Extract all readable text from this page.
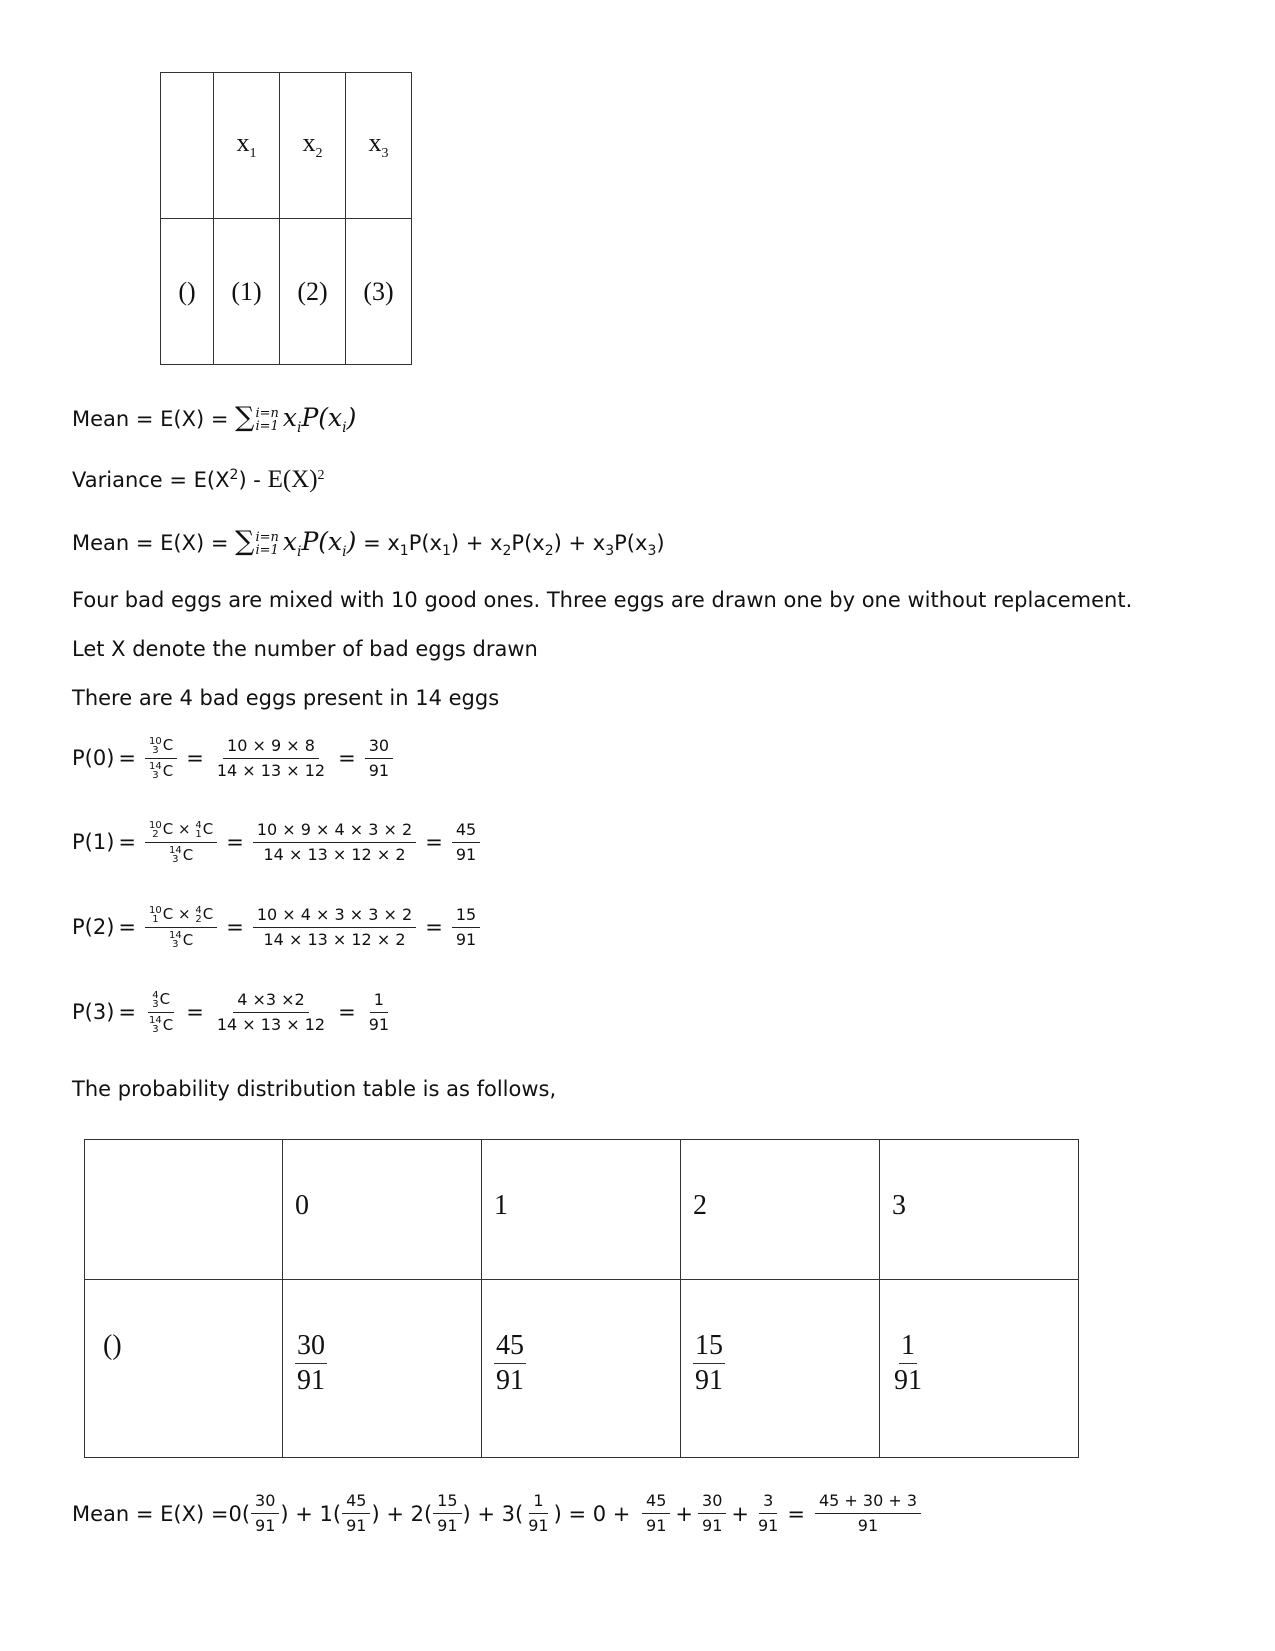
	$x_1$	$x_2$	$x_3$
()	(1)	(2)	(3)
Mean = E(X) = ∑ i=n
i=1 $x_iP(x_i)$
Variance = $E(X^2) - E(X)^2$
Mean = E(X) = ∑ i=n
i=1 $x_iP(x_i) = x_1P(x_1) + x_2P(x_2) + x_3P(x_3)$
Four bad eggs are mixed with 10 good ones. Three eggs are drawn one by one without replacement.
Let X denote the number of bad eggs drawn
There are 4 bad eggs present in 14 eggs
P(0) = 10
3 C
14
3 $C = \frac{10 \times 9 \times 8}{14 \times 13 \times 12} = \frac{30}{91}$
P(1) = 10
2 C × 4
1 C
14
3 $C = \frac{10 \times 9 \times 4 \times 3 \times 2}{14 \times 13 \times 12 \times 2} = \frac{45}{91}$
P(2) = 10
1 C × 4
2 C
14
3 $C = \frac{10 \times 4 \times 3 \times 3 \times 2}{14 \times 13 \times 12 \times 2} = \frac{15}{91}$
P(3) = 4
3 C
14
3 $C = \frac{4 \times 3 \times 2}{14 \times 13 \times 12} = \frac{1}{91}$
The probability distribution table is as follows,
	0	1	2	3
()	$\frac{30}{91}$	$\frac{45}{91}$	$\frac{15}{91}$	$\frac{1}{91}$
Mean = E(X) = 0(
30
91 ) + 1(
45
91 ) + 2(
15
91 ) + 3(
1
91 ) = $0 + \frac{45}{91} + \frac{30}{91} + \frac{3}{91} = \frac{45 + 30 + 3}{91}$
